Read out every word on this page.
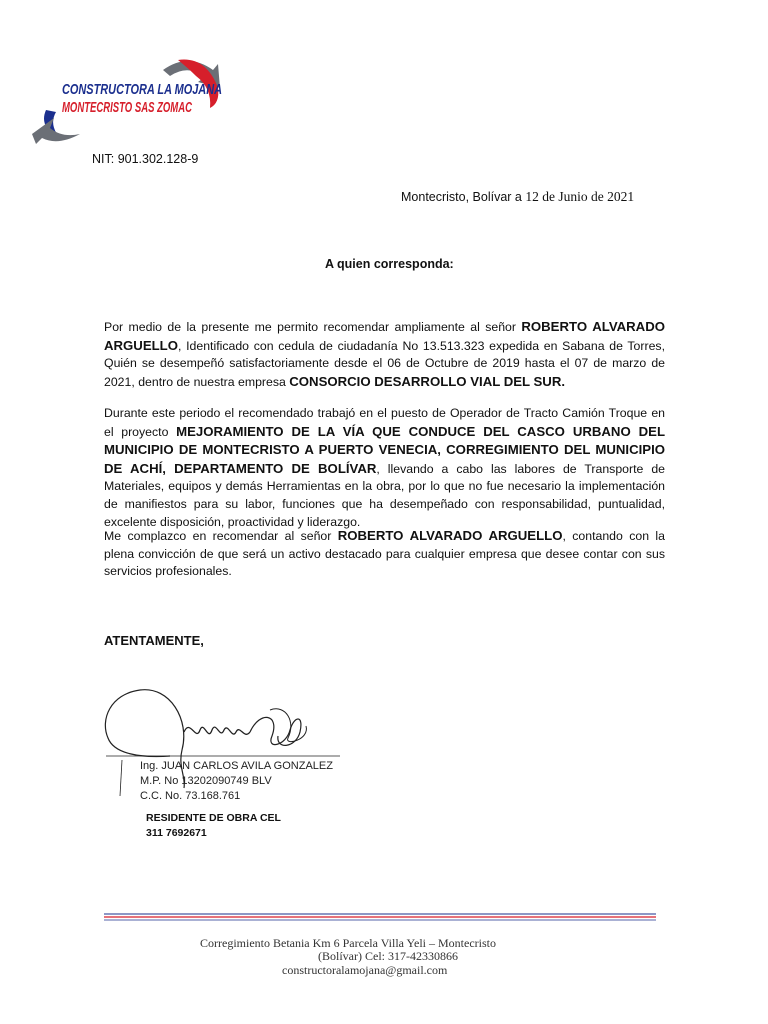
CONSTRUCTORA LA MOJANA
MONTECRISTO SAS ZOMAC
NIT: 901.302.128-9
Montecristo, Bolívar a 12 de Junio de 2021
A quien corresponda:
Por medio de la presente me permito recomendar ampliamente al señor ROBERTO ALVARADO ARGUELLO, Identificado con cedula de ciudadanía No 13.513.323 expedida en Sabana de Torres, Quién se desempeñó satisfactoriamente desde el 06 de Octubre de 2019 hasta el 07 de marzo de 2021, dentro de nuestra empresa CONSORCIO DESARROLLO VIAL DEL SUR.
Durante este periodo el recomendado trabajó en el puesto de Operador de Tracto Camión Troque en el proyecto MEJORAMIENTO DE LA VÍA QUE CONDUCE DEL CASCO URBANO DEL MUNICIPIO DE MONTECRISTO A PUERTO VENECIA, CORREGIMIENTO DEL MUNICIPIO DE ACHÍ, DEPARTAMENTO DE BOLÍVAR, llevando a cabo las labores de Transporte de Materiales, equipos y demás Herramientas en la obra, por lo que no fue necesario la implementación de manifiestos para su labor, funciones que ha desempeñado con responsabilidad, puntualidad, excelente disposición, proactividad y liderazgo.
Me complazco en recomendar al señor ROBERTO ALVARADO ARGUELLO, contando con la plena convicción de que será un activo destacado para cualquier empresa que desee contar con sus servicios profesionales.
ATENTAMENTE,
Ing. JUAN CARLOS AVILA GONZALEZ
M.P. No 13202090749 BLV
C.C. No. 73.168.761
RESIDENTE DE OBRA CEL
311 7692671
Corregimiento Betania Km 6 Parcela Villa Yeli – Montecristo
(Bolívar) Cel: 317-42330866
constructoralamojana@gmail.com
